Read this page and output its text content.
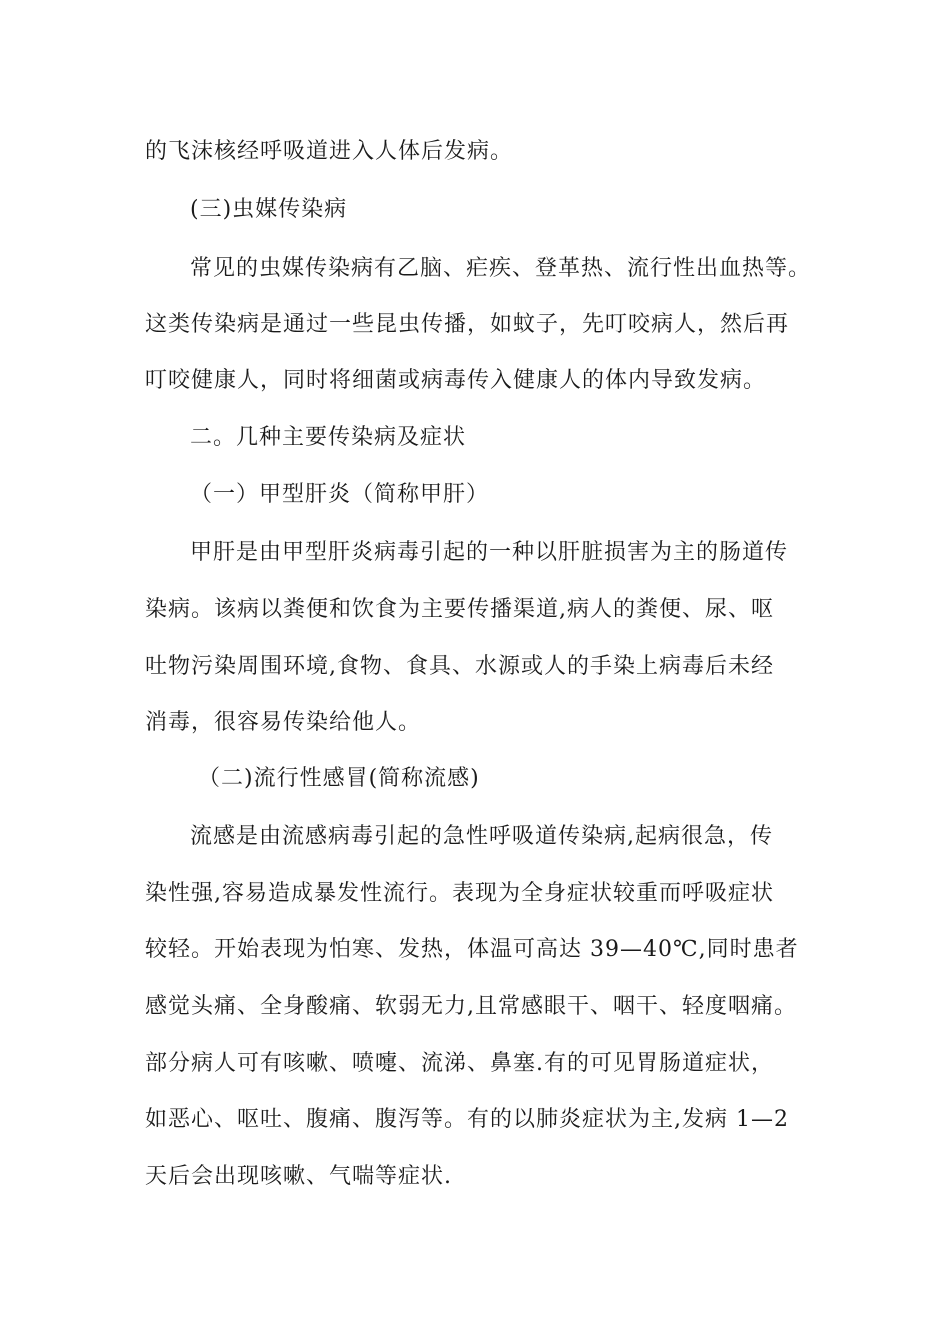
的飞沫核经呼吸道进入人体后发病。
(三)虫媒传染病
常见的虫媒传染病有乙脑、疟疾、登革热、流行性出血热等。
这类传染病是通过一些昆虫传播，如蚊子，先叮咬病人，然后再
叮咬健康人，同时将细菌或病毒传入健康人的体内导致发病。
二。几种主要传染病及症状
（一）甲型肝炎（简称甲肝）
甲肝是由甲型肝炎病毒引起的一种以肝脏损害为主的肠道传
染病。该病以粪便和饮食为主要传播渠道,病人的粪便、尿、呕
吐物污染周围环境,食物、食具、水源或人的手染上病毒后未经
消毒，很容易传染给他人。
（二)流行性感冒(简称流感)
流感是由流感病毒引起的急性呼吸道传染病,起病很急，传
染性强,容易造成暴发性流行。表现为全身症状较重而呼吸症状
较轻。开始表现为怕寒、发热，体温可高达 39—40℃,同时患者
感觉头痛、全身酸痛、软弱无力,且常感眼干、咽干、轻度咽痛。
部分病人可有咳嗽、喷嚏、流涕、鼻塞.有的可见胃肠道症状，
如恶心、呕吐、腹痛、腹泻等。有的以肺炎症状为主,发病 1—2
天后会出现咳嗽、气喘等症状.
